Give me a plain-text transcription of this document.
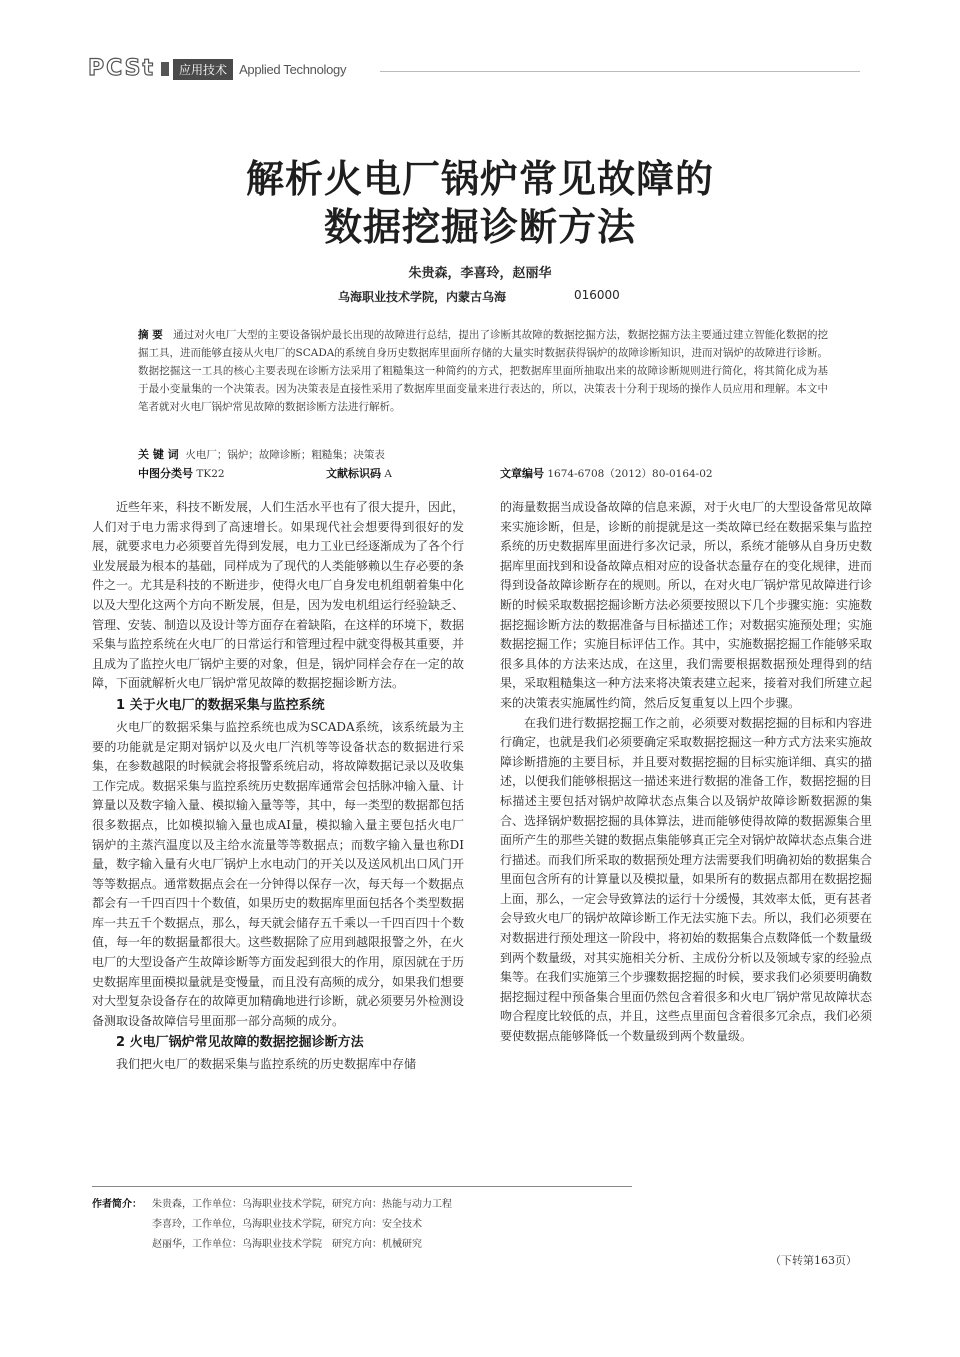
PCSt	应用技术 Applied Technology
解析火电厂锅炉常见故障的
数据挖掘诊断方法
朱贵森，李喜玲，赵丽华
乌海职业技术学院，内蒙古乌海	016000
摘 要 通过对火电厂大型的主要设备锅炉最长出现的故障进行总结，提出了诊断其故障的数据挖掘方法，数据挖掘方法主要通过建立智能化数据的挖掘工具，进而能够直接从火电厂的SCADA的系统自身历史数据库里面所存储的大量实时数据获得锅炉的故障诊断知识，进而对锅炉的故障进行诊断。数据挖掘这一工具的核心主要表现在诊断方法采用了粗糙集这一种简约的方式，把数据库里面所抽取出来的故障诊断规则进行简化，将其简化成为基于最小变量集的一个决策表。因为决策表是直接性采用了数据库里面变量来进行表达的，所以，决策表十分利于现场的操作人员应用和理解。本文中笔者就对火电厂锅炉常见故障的数据诊断方法进行解析。
关 键 词 火电厂；锅炉；故障诊断；粗糙集；决策表
中图分类号 TK22	文献标识码 A	文章编号 1674-6708（2012）80-0164-02

近些年来，科技不断发展，人们生活水平也有了很大提升，因此，人们对于电力需求得到了高速增长。如果现代社会想要得到很好的发展，就要求电力必须要首先得到发展，电力工业已经逐渐成为了各个行业发展最为根本的基础，同样成为了现代的人类能够赖以生存必要的条件之一。尤其是科技的不断进步，使得火电厂自身发电机组朝着集中化以及大型化这两个方向不断发展，但是，因为发电机组运行经验缺乏、管理、安装、制造以及设计等方面存在着缺陷，在这样的环境下，数据采集与监控系统在火电厂的日常运行和管理过程中就变得极其重要，并且成为了监控火电厂锅炉主要的对象，但是，锅炉同样会存在一定的故障，下面就解析火电厂锅炉常见故障的数据挖掘诊断方法。

1 关于火电厂的数据采集与监控系统

火电厂的数据采集与监控系统也成为SCADA系统，该系统最为主要的功能就是定期对锅炉以及火电厂汽机等等设备状态的数据进行采集，在参数越限的时候就会将报警系统启动，将故障数据记录以及收集工作完成。数据采集与监控系统历史数据库通常会包括脉冲输入量、计算量以及数字输入量、模拟输入量等等，其中，每一类型的数据都包括很多数据点，比如模拟输入量也成AI量，模拟输入量主要包括火电厂锅炉的主蒸汽温度以及主给水流量等等数据点；而数字输入量也称DI量，数字输入量有火电厂锅炉上水电动门的开关以及送风机出口风门开等等数据点。通常数据点会在一分钟得以保存一次，每天每一个数据点都会有一千四百四十个数值，如果历史的数据库里面包括各个类型数据库一共五千个数据点，那么，每天就会储存五千乘以一千四百四十个数值，每一年的数据量都很大。这些数据除了应用到越限报警之外，在火电厂的大型设备产生故障诊断等方面发起到很大的作用，原因就在于历史数据库里面模拟量就是变慢量，而且没有高频的成分，如果我们想要对大型复杂设备存在的故障更加精确地进行诊断，就必须要另外检测设备测取设备故障信号里面那一部分高频的成分。

2 火电厂锅炉常见故障的数据挖掘诊断方法

我们把火电厂的数据采集与监控系统的历史数据库中存储

的海量数据当成设备故障的信息来源，对于火电厂的大型设备常见故障来实施诊断，但是，诊断的前提就是这一类故障已经在数据采集与监控系统的历史数据库里面进行多次记录，所以，系统才能够从自身历史数据库里面找到和设备故障点相对应的设备状态量存在的变化规律，进而得到设备故障诊断存在的规则。所以，在对火电厂锅炉常见故障进行诊断的时候采取数据挖掘诊断方法必须要按照以下几个步骤实施：实施数据挖掘诊断方法的数据准备与目标描述工作；对数据实施预处理；实施数据挖掘工作；实施目标评估工作。其中，实施数据挖掘工作能够采取很多具体的方法来达成，在这里，我们需要根据数据预处理得到的结果，采取粗糙集这一种方法来将决策表建立起来，接着对我们所建立起来的决策表实施属性约简，然后反复重复以上四个步骤。

在我们进行数据挖掘工作之前，必须要对数据挖掘的目标和内容进行确定，也就是我们必须要确定采取数据挖掘这一种方式方法来实施故障诊断措施的主要目标，并且要对数据挖掘的目标实施详细、真实的描述，以便我们能够根据这一描述来进行数据的准备工作，数据挖掘的目标描述主要包括对锅炉故障状态点集合以及锅炉故障诊断数据源的集合、选择锅炉数据挖掘的具体算法，进而能够使得故障的数据源集合里面所产生的那些关键的数据点集能够真正完全对锅炉故障状态点集合进行描述。而我们所采取的数据预处理方法需要我们明确初始的数据集合里面包含所有的计算量以及模拟量，如果所有的数据点都用在数据挖掘上面，那么，一定会导致算法的运行十分缓慢，其效率太低，更有甚者会导致火电厂的锅炉故障诊断工作无法实施下去。所以，我们必须要在对数据进行预处理这一阶段中，将初始的数据集合点数降低一个数量级到两个数量级，对其实施相关分析、主成份分析以及领域专家的经验点集等。在我们实施第三个步骤数据挖掘的时候，要求我们必须要明确数据挖掘过程中预备集合里面仍然包含着很多和火电厂锅炉常见故障状态吻合程度比较低的点，并且，这些点里面包含着很多冗余点，我们必须要使数据点能够降低一个数量级到两个数量级。

作者简介： 朱贵森，工作单位：乌海职业技术学院，研究方向：热能与动力工程
李喜玲，工作单位，乌海职业技术学院，研究方向：安全技术
赵丽华，工作单位：乌海职业技术学院　研究方向：机械研究
（下转第163页）
